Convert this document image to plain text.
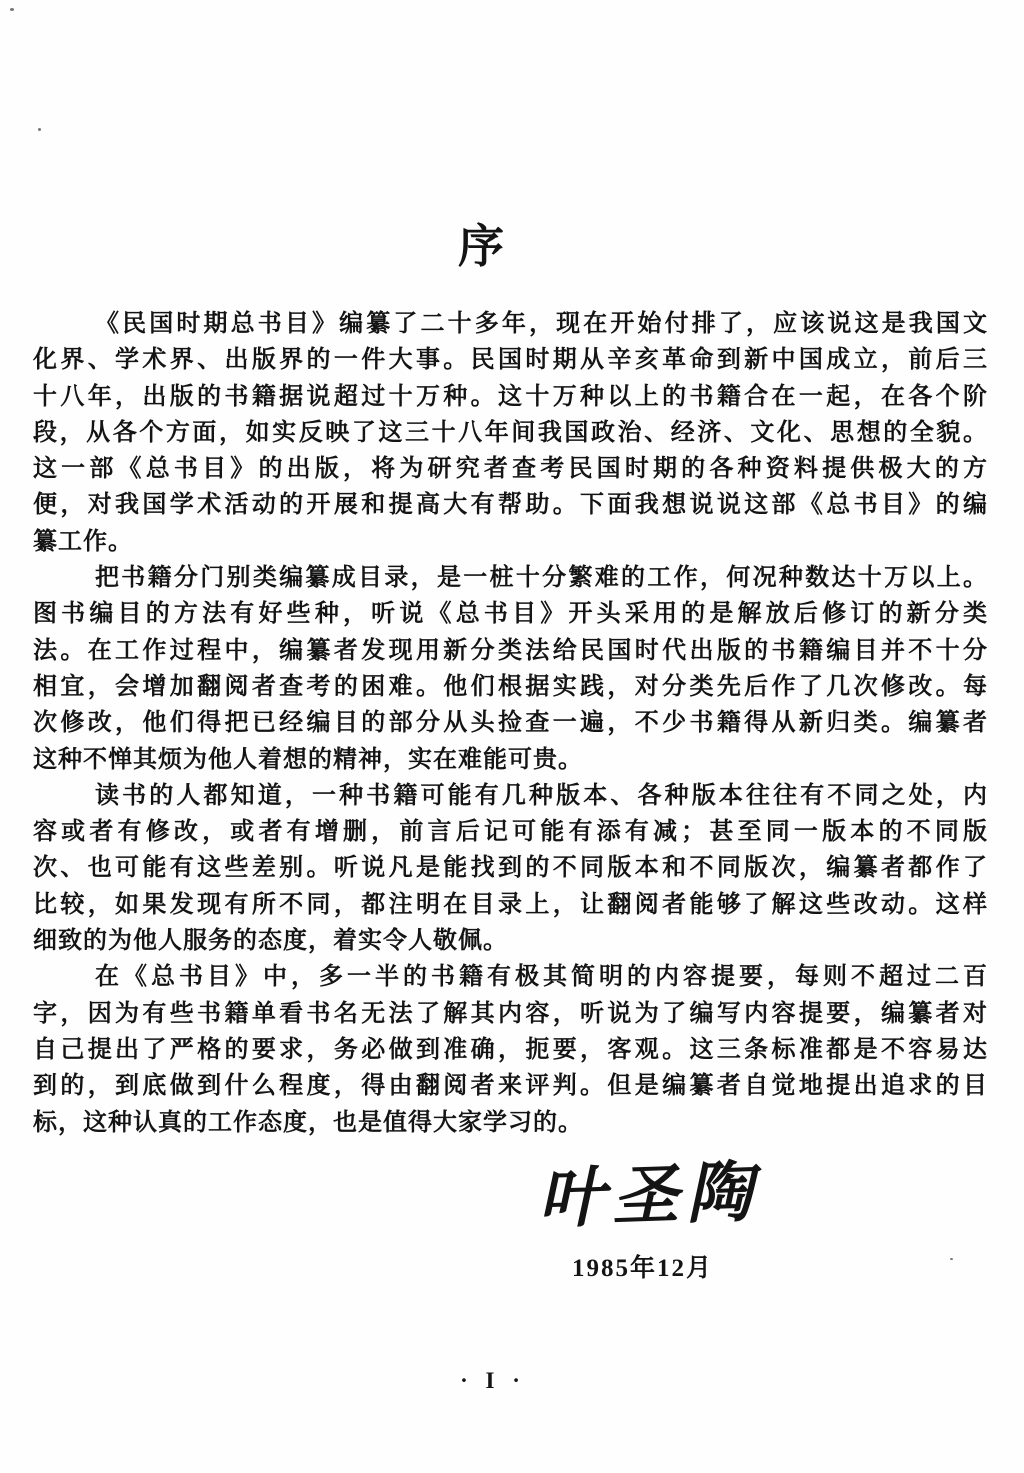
序
《民国时期总书目》编纂了二十多年，现在开始付排了，应该说这是我国文
化界、学术界、出版界的一件大事。民国时期从辛亥革命到新中国成立，前后三
十八年，出版的书籍据说超过十万种。这十万种以上的书籍合在一起，在各个阶
段，从各个方面，如实反映了这三十八年间我国政治、经济、文化、思想的全貌。
这一部《总书目》的出版，将为研究者查考民国时期的各种资料提供极大的方
便，对我国学术活动的开展和提高大有帮助。下面我想说说这部《总书目》的编
纂工作。
把书籍分门别类编纂成目录，是一桩十分繁难的工作，何况种数达十万以上。
图书编目的方法有好些种，听说《总书目》开头采用的是解放后修订的新分类
法。在工作过程中，编纂者发现用新分类法给民国时代出版的书籍编目并不十分
相宜，会增加翻阅者查考的困难。他们根据实践，对分类先后作了几次修改。每
次修改，他们得把已经编目的部分从头捡查一遍，不少书籍得从新归类。编纂者
这种不惮其烦为他人着想的精神，实在难能可贵。
读书的人都知道，一种书籍可能有几种版本、各种版本往往有不同之处，内
容或者有修改，或者有增删，前言后记可能有添有减；甚至同一版本的不同版
次、也可能有这些差别。听说凡是能找到的不同版本和不同版次，编纂者都作了
比较，如果发现有所不同，都注明在目录上，让翻阅者能够了解这些改动。这样
细致的为他人服务的态度，着实令人敬佩。
在《总书目》中，多一半的书籍有极其简明的内容提要，每则不超过二百
字，因为有些书籍单看书名无法了解其内容，听说为了编写内容提要，编纂者对
自己提出了严格的要求，务必做到准确，扼要，客观。这三条标准都是不容易达
到的，到底做到什么程度，得由翻阅者来评判。但是编纂者自觉地提出追求的目
标，这种认真的工作态度，也是值得大家学习的。
叶圣陶
1985年12月
· I ·
